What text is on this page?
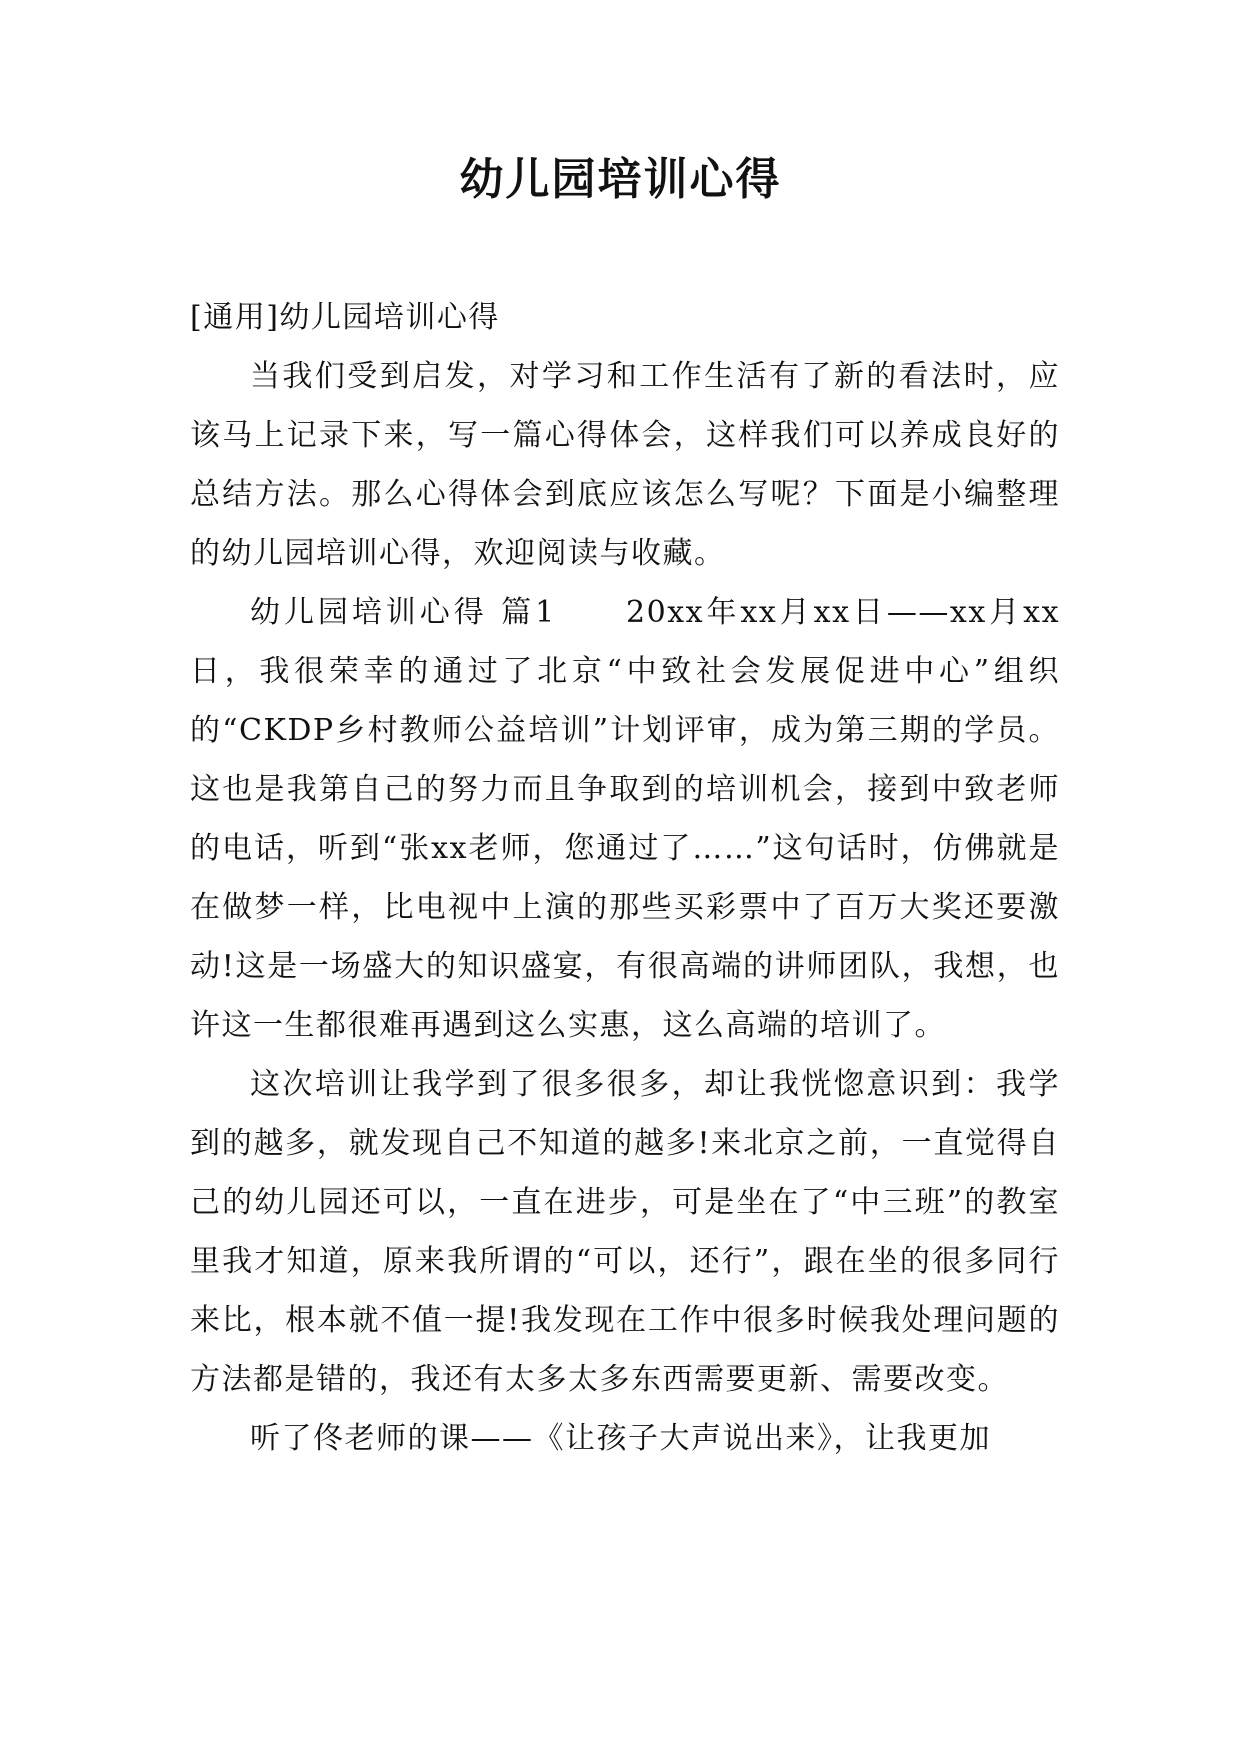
幼儿园培训心得

[通用]幼儿园培训心得

当我们受到启发，对学习和工作生活有了新的看法时，应该马上记录下来，写一篇心得体会，这样我们可以养成良好的总结方法。那么心得体会到底应该怎么写呢？下面是小编整理的幼儿园培训心得，欢迎阅读与收藏。

幼儿园培训心得 篇1　　20xx年xx月xx日——xx月xx日，我很荣幸的通过了北京“中致社会发展促进中心”组织的“CKDP乡村教师公益培训”计划评审，成为第三期的学员。这也是我第自己的努力而且争取到的培训机会，接到中致老师的电话，听到“张xx老师，您通过了……”这句话时，仿佛就是在做梦一样，比电视中上演的那些买彩票中了百万大奖还要激动!这是一场盛大的知识盛宴，有很高端的讲师团队，我想，也许这一生都很难再遇到这么实惠，这么高端的培训了。

这次培训让我学到了很多很多，却让我恍惚意识到：我学到的越多，就发现自己不知道的越多!来北京之前，一直觉得自己的幼儿园还可以，一直在进步，可是坐在了“中三班”的教室里我才知道，原来我所谓的“可以，还行”，跟在坐的很多同行来比，根本就不值一提!我发现在工作中很多时候我处理问题的方法都是错的，我还有太多太多东西需要更新、需要改变。

听了佟老师的课——《让孩子大声说出来》，让我更加
